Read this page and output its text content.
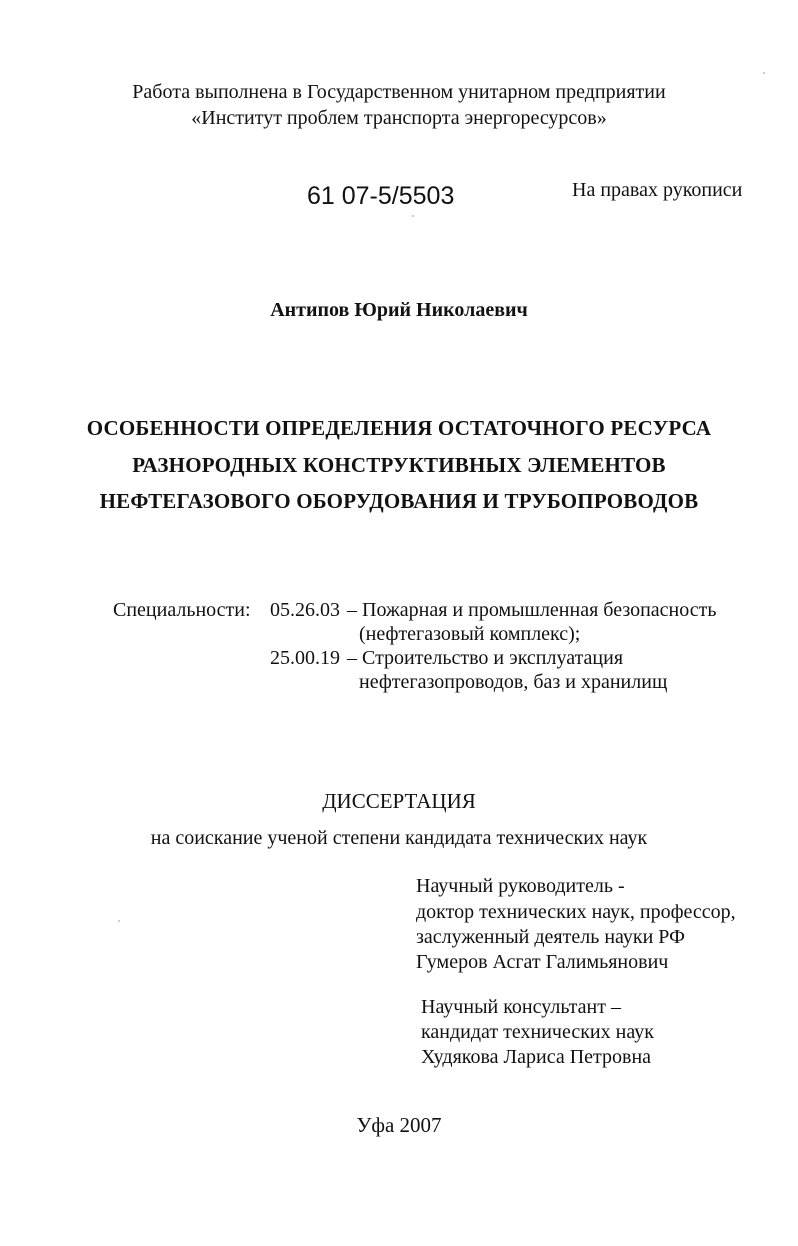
Работа выполнена в Государственном унитарном предприятии
«Институт проблем транспорта энергоресурсов»
61 07-5/5503	На правах рукописи
Антипов Юрий Николаевич
ОСОБЕННОСТИ ОПРЕДЕЛЕНИЯ ОСТАТОЧНОГО РЕСУРСА
РАЗНОРОДНЫХ КОНСТРУКТИВНЫХ ЭЛЕМЕНТОВ
НЕФТЕГАЗОВОГО ОБОРУДОВАНИЯ И ТРУБОПРОВОДОВ
Специальности: 05.26.03 – Пожарная и промышленная безопасность
(нефтегазовый комплекс);
25.00.19 – Строительство и эксплуатация
нефтегазопроводов, баз и хранилищ
ДИССЕРТАЦИЯ
на соискание ученой степени кандидата технических наук
Научный руководитель -
доктор технических наук, профессор,
заслуженный деятель науки РФ
Гумеров Асгат Галимьянович
Научный консультант –
кандидат технических наук
Худякова Лариса Петровна
Уфа 2007
